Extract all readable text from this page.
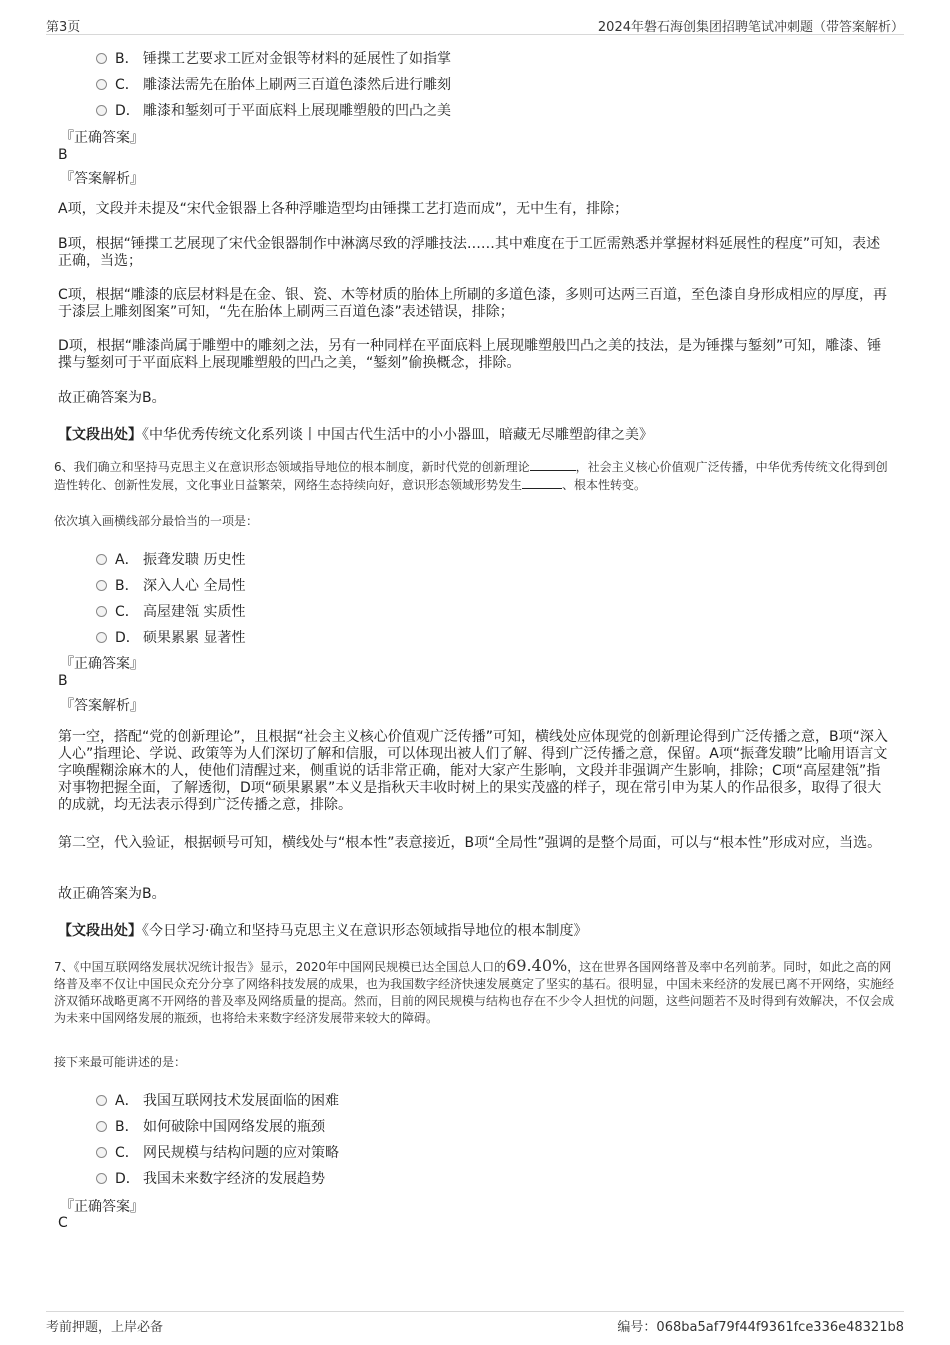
第3页	2024年磐石海创集团招聘笔试冲刺题（带答案解析）
B． 锤揲工艺要求工匠对金银等材料的延展性了如指掌
C． 雕漆法需先在胎体上刷两三百道色漆然后进行雕刻
D． 雕漆和錾刻可于平面底料上展现雕塑般的凹凸之美
『正确答案』
B
『答案解析』
A项，文段并未提及“宋代金银器上各种浮雕造型均由锤揲工艺打造而成”，无中生有，排除；
B项，根据“锤揲工艺展现了宋代金银器制作中淋漓尽致的浮雕技法……其中难度在于工匠需熟悉并掌握材料延展性的程度”可知，表述正确，当选；
C项，根据“雕漆的底层材料是在金、银、瓷、木等材质的胎体上所刷的多道色漆，多则可达两三百道，至色漆自身形成相应的厚度，再于漆层上雕刻图案”可知，“先在胎体上刷两三百道色漆”表述错误，排除；
D项，根据“雕漆尚属于雕塑中的雕刻之法，另有一种同样在平面底料上展现雕塑般凹凸之美的技法，是为锤揲与錾刻”可知，雕漆、锤揲与錾刻可于平面底料上展现雕塑般的凹凸之美，“錾刻”偷换概念，排除。
故正确答案为B。
【文段出处】《中华优秀传统文化系列谈丨中国古代生活中的小小器皿，暗藏无尽雕塑韵律之美》
6、我们确立和坚持马克思主义在意识形态领域指导地位的根本制度，新时代党的创新理论	，社会主义核心价值观广泛传播，中华优秀传统文化得到创造性转化、创新性发展，文化事业日益繁荣，网络生态持续向好，意识形态领域形势发生	、根本性转变。
依次填入画横线部分最恰当的一项是：
A． 振聋发聩 历史性
B． 深入人心 全局性
C． 高屋建瓴 实质性
D． 硕果累累 显著性
『正确答案』
B
『答案解析』
第一空，搭配“党的创新理论”，且根据“社会主义核心价值观广泛传播”可知，横线处应体现党的创新理论得到广泛传播之意，B项“深入人心”指理论、学说、政策等为人们深切了解和信服，可以体现出被人们了解、得到广泛传播之意，保留。A项“振聋发聩”比喻用语言文字唤醒糊涂麻木的人，使他们清醒过来，侧重说的话非常正确，能对大家产生影响，文段并非强调产生影响，排除；C项“高屋建瓴”指对事物把握全面，了解透彻，D项“硕果累累”本义是指秋天丰收时树上的果实茂盛的样子，现在常引申为某人的作品很多，取得了很大的成就，均无法表示得到广泛传播之意，排除。
第二空，代入验证，根据顿号可知，横线处与“根本性”表意接近，B项“全局性”强调的是整个局面，可以与“根本性”形成对应，当选。
故正确答案为B。
【文段出处】《今日学习·确立和坚持马克思主义在意识形态领域指导地位的根本制度》
7、《中国互联网络发展状况统计报告》显示，2020年中国网民规模已达全国总人口的69.40%，这在世界各国网络普及率中名列前茅。同时，如此之高的网络普及率不仅让中国民众充分分享了网络科技发展的成果，也为我国数字经济快速发展奠定了坚实的基石。很明显，中国未来经济的发展已离不开网络，实施经济双循环战略更离不开网络的普及率及网络质量的提高。然而，目前的网民规模与结构也存在不少令人担忧的问题，这些问题若不及时得到有效解决，不仅会成为未来中国网络发展的瓶颈，也将给未来数字经济发展带来较大的障碍。
接下来最可能讲述的是：
A． 我国互联网技术发展面临的困难
B． 如何破除中国网络发展的瓶颈
C． 网民规模与结构问题的应对策略
D． 我国未来数字经济的发展趋势
『正确答案』
C
考前押题，上岸必备	编号：068ba5af79f44f9361fce336e48321b8
